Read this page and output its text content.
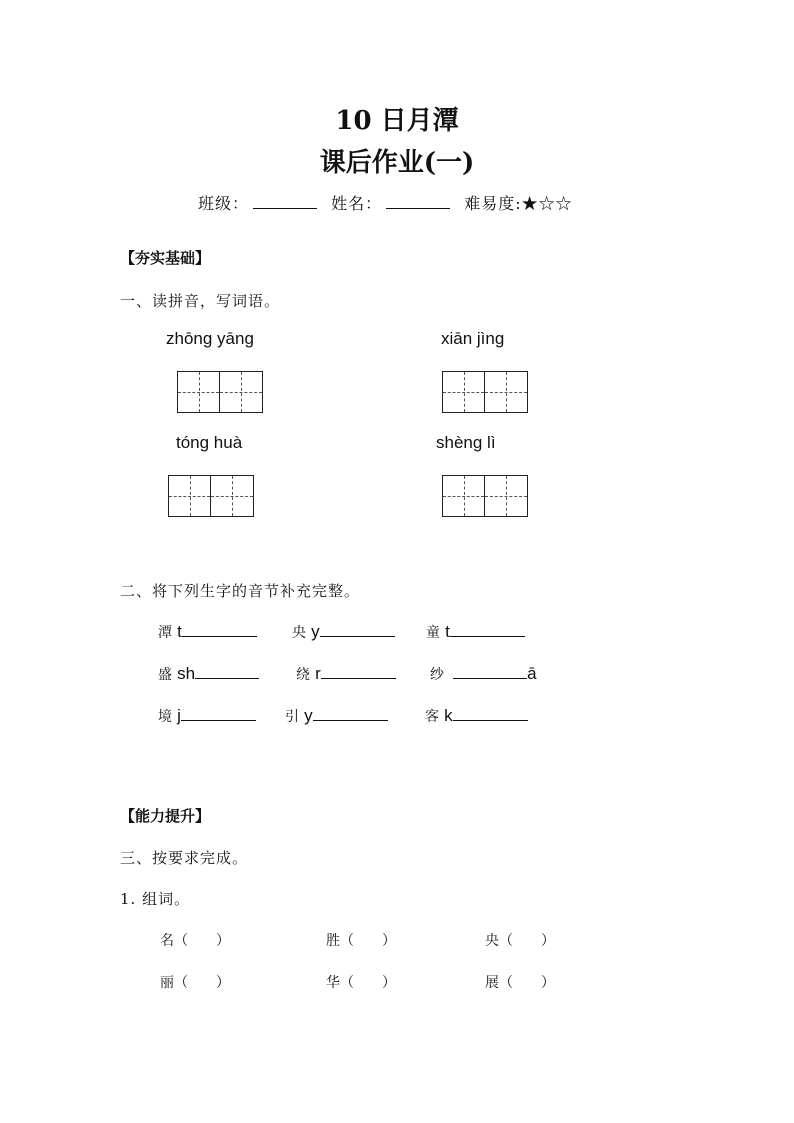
10 日月潭
课后作业(一)
班级：	姓名：	难易度:★☆☆
【夯实基础】
一、读拼音，写词语。
zhōng yāng	xiān jìng
tóng huà	shèng lì
二、将下列生字的音节补充完整。
潭 t	央 y	童 t
盛 sh	绕 r	纱	ā
境 j	引 y	客 k
【能力提升】
三、按要求完成。
1. 组词。
名（　　）	胜（　　）	央（　　）
丽（　　）	华（　　）	展（　　）
